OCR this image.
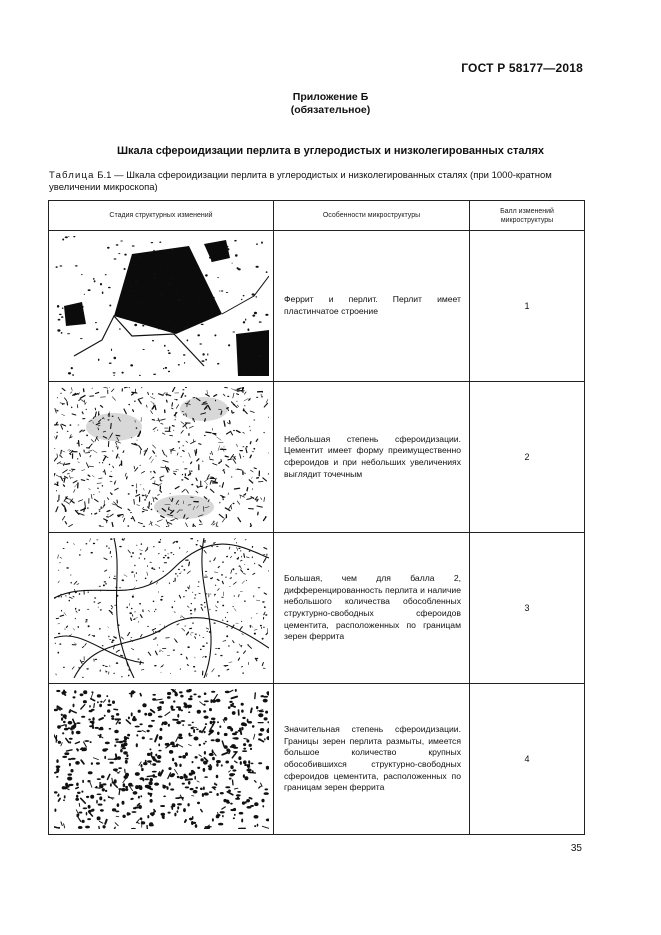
ГОСТ Р 58177—2018
Приложение Б
(обязательное)
Шкала сфероидизации перлита в углеродистых и низколегированных сталях
Таблица Б.1 — Шкала сфероидизации перлита в углеродистых и низколегированных сталях (при 1000-кратном увеличении микроскопа)
Стадия структурных изменений	Особенности микроструктуры	Балл изменений микроструктуры

	Феррит и перлит. Перлит имеет пластинчатое строение	1

	Небольшая степень сфероидизации. Цементит имеет форму преимущественно сфероидов и при небольших увеличениях выглядит точечным	2

	Большая, чем для балла 2, дифференцированность перлита и наличие небольшого количества обособленных структурно-свободных сфероидов цементита, расположенных по границам зерен феррита	3

	Значительная степень сфероидизации. Границы зерен перлита размыты, имеется большое количество крупных обособившихся структурно-свободных сфероидов цементита, расположенных по границам зерен феррита	4
35
